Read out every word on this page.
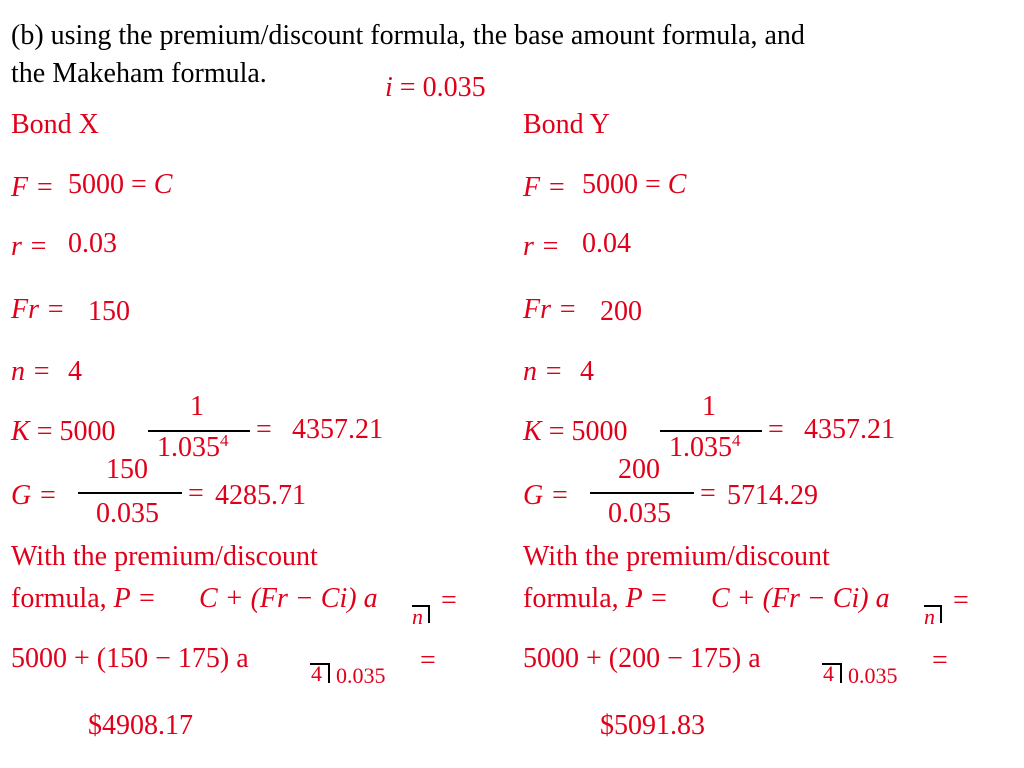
(b) using the premium/discount formula, the base amount formula, and
the Makeham formula.	i = 0.035
Bond X
F = 5000 = C
r = 0.03
Fr = 150
n = 4
K = 5000
1
$1.035^4 = 4357.21$
G =
150
0.035
= 4285.71
With the premium/discount
formula, P = C + (Fr − Ci) a
n
=
5000 + (150 − 175) a	4 0.035 =
$4908.17
Bond Y
F = 5000 = C
r = 0.04
Fr = 200
n = 4
K = 5000
1
$1.035^4 = 4357.21$
G =
200
0.035
= 5714.29
With the premium/discount
formula, P = C + (Fr − Ci) a
n
=
5000 + (200 − 175) a	4 0.035 =
$5091.83
